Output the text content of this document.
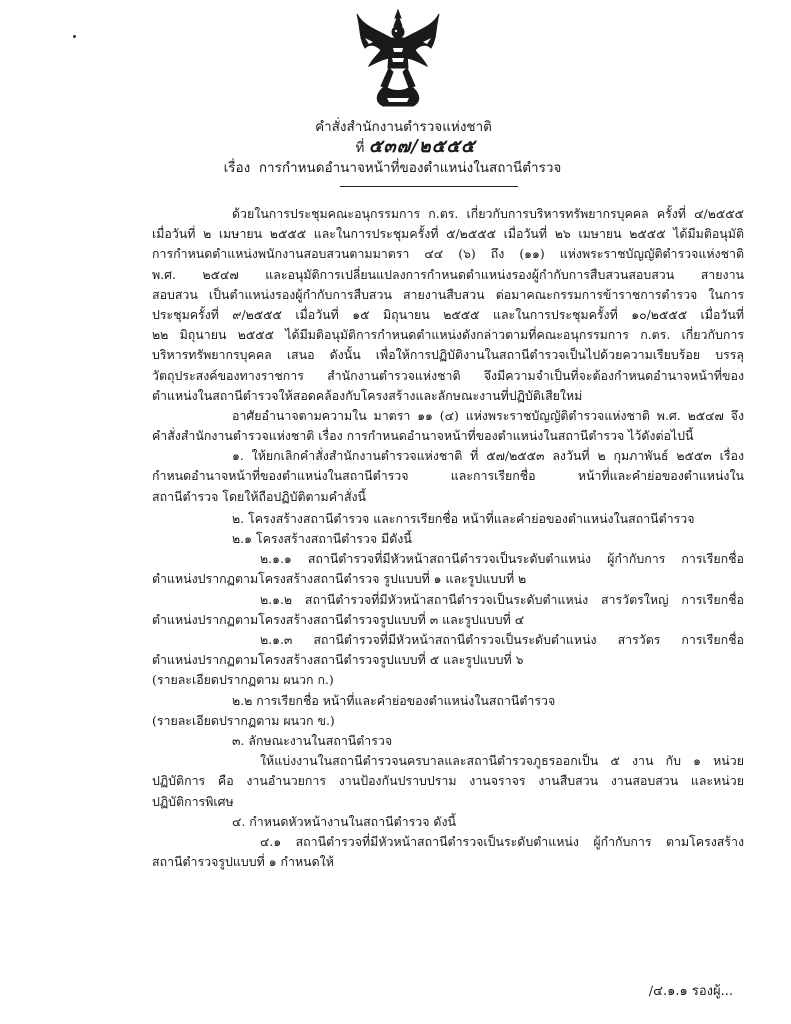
คำสั่งสำนักงานตำรวจแห่งชาติ
ที่ ๕๓๗/๒๕๕๕
เรื่อง การกำหนดอำนาจหน้าที่ของตำแหน่งในสถานีตำรวจ
ด้วยในการประชุมคณะอนุกรรมการ ก.ตร. เกี่ยวกับการบริหารทรัพยากรบุคคล ครั้งที่ ๔/๒๕๕๕
เมื่อวันที่ ๒ เมษายน ๒๕๕๕ และในการประชุมครั้งที่ ๕/๒๕๕๕ เมื่อวันที่ ๒๖ เมษายน ๒๕๕๕ ได้มีมติอนุมัติ
การกำหนดตำแหน่งพนักงานสอบสวนตามมาตรา ๔๔ (๖) ถึง (๑๑) แห่งพระราชบัญญัติตำรวจแห่งชาติ
พ.ศ. ๒๕๔๗ และอนุมัติการเปลี่ยนแปลงการกำหนดตำแหน่งรองผู้กำกับการสืบสวนสอบสวน สายงาน
สอบสวน เป็นตำแหน่งรองผู้กำกับการสืบสวน สายงานสืบสวน ต่อมาคณะกรรมการข้าราชการตำรวจ ในการ
ประชุมครั้งที่ ๙/๒๕๕๕ เมื่อวันที่ ๑๕ มิถุนายน ๒๕๕๕ และในการประชุมครั้งที่ ๑๐/๒๕๕๕ เมื่อวันที่
๒๒ มิถุนายน ๒๕๕๕ ได้มีมติอนุมัติการกำหนดตำแหน่งดังกล่าวตามที่คณะอนุกรรมการ ก.ตร. เกี่ยวกับการ
บริหารทรัพยากรบุคคล เสนอ ดังนั้น เพื่อให้การปฏิบัติงานในสถานีตำรวจเป็นไปด้วยความเรียบร้อย บรรลุ
วัตถุประสงค์ของทางราชการ สำนักงานตำรวจแห่งชาติ จึงมีความจำเป็นที่จะต้องกำหนดอำนาจหน้าที่ของ
ตำแหน่งในสถานีตำรวจให้สอดคล้องกับโครงสร้างและลักษณะงานที่ปฏิบัติเสียใหม่
อาศัยอำนาจตามความใน มาตรา ๑๑ (๔) แห่งพระราชบัญญัติตำรวจแห่งชาติ พ.ศ. ๒๕๔๗ จึง
คำสั่งสำนักงานตำรวจแห่งชาติ เรื่อง การกำหนดอำนาจหน้าที่ของตำแหน่งในสถานีตำรวจ ไว้ดังต่อไปนี้
๑. ให้ยกเลิกคำสั่งสำนักงานตำรวจแห่งชาติ ที่ ๕๗/๒๕๕๓ ลงวันที่ ๒ กุมภาพันธ์ ๒๕๕๓ เรื่อง
กำหนดอำนาจหน้าที่ของตำแหน่งในสถานีตำรวจ และการเรียกชื่อ หน้าที่และคำย่อของตำแหน่งใน
สถานีตำรวจ โดยให้ถือปฏิบัติตามคำสั่งนี้
๒. โครงสร้างสถานีตำรวจ และการเรียกชื่อ หน้าที่และคำย่อของตำแหน่งในสถานีตำรวจ
๒.๑ โครงสร้างสถานีตำรวจ มีดังนี้
๒.๑.๑ สถานีตำรวจที่มีหัวหน้าสถานีตำรวจเป็นระดับตำแหน่ง ผู้กำกับการ การเรียกชื่อ
ตำแหน่งปรากฏตามโครงสร้างสถานีตำรวจ รูปแบบที่ ๑ และรูปแบบที่ ๒
๒.๑.๒ สถานีตำรวจที่มีหัวหน้าสถานีตำรวจเป็นระดับตำแหน่ง สารวัตรใหญ่ การเรียกชื่อ
ตำแหน่งปรากฏตามโครงสร้างสถานีตำรวจรูปแบบที่ ๓ และรูปแบบที่ ๔
๒.๑.๓ สถานีตำรวจที่มีหัวหน้าสถานีตำรวจเป็นระดับตำแหน่ง สารวัตร การเรียกชื่อ
ตำแหน่งปรากฏตามโครงสร้างสถานีตำรวจรูปแบบที่ ๕ และรูปแบบที่ ๖
(รายละเอียดปรากฏตาม ผนวก ก.)
๒.๒ การเรียกชื่อ หน้าที่และคำย่อของตำแหน่งในสถานีตำรวจ
(รายละเอียดปรากฏตาม ผนวก ข.)
๓. ลักษณะงานในสถานีตำรวจ
ให้แบ่งงานในสถานีตำรวจนครบาลและสถานีตำรวจภูธรออกเป็น ๕ งาน กับ ๑ หน่วย
ปฏิบัติการ คือ งานอำนวยการ งานป้องกันปราบปราม งานจราจร งานสืบสวน งานสอบสวน และหน่วย
ปฏิบัติการพิเศษ
๔. กำหนดหัวหน้างานในสถานีตำรวจ ดังนี้
๔.๑ สถานีตำรวจที่มีหัวหน้าสถานีตำรวจเป็นระดับตำแหน่ง ผู้กำกับการ ตามโครงสร้าง
สถานีตำรวจรูปแบบที่ ๑ กำหนดให้
/๔.๑.๑ รองผู้...
